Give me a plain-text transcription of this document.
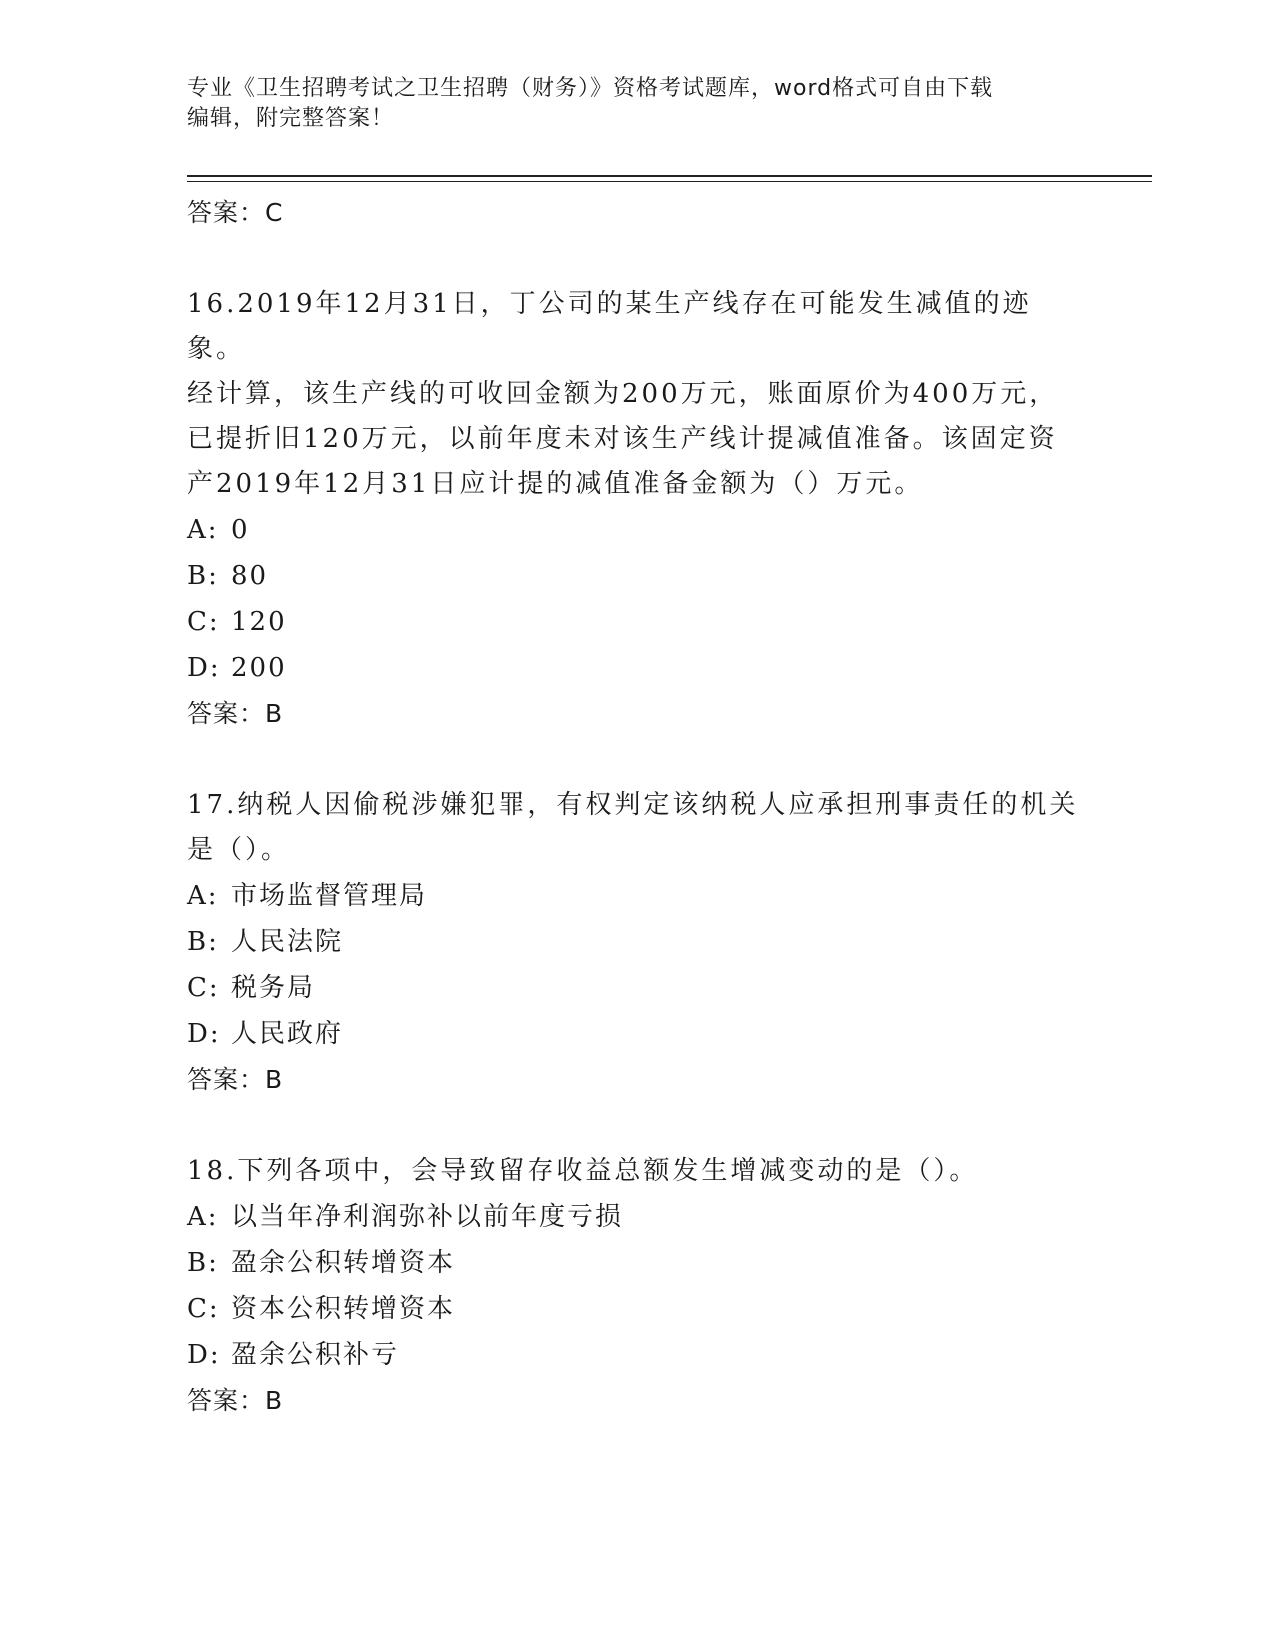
专业《卫生招聘考试之卫生招聘（财务）》资格考试题库，word格式可自由下载
编辑，附完整答案！
答案：C
16.2019年12月31日，丁公司的某生产线存在可能发生减值的迹象。
经计算，该生产线的可收回金额为200万元，账面原价为400万元，
已提折旧120万元，以前年度未对该生产线计提减值准备。该固定资
产2019年12月31日应计提的减值准备金额为（）万元。
A: 0
B: 80
C: 120
D: 200
答案：B
17.纳税人因偷税涉嫌犯罪，有权判定该纳税人应承担刑事责任的机关
是（）。
A: 市场监督管理局
B: 人民法院
C: 税务局
D: 人民政府
答案：B
18.下列各项中，会导致留存收益总额发生增减变动的是（）。
A: 以当年净利润弥补以前年度亏损
B: 盈余公积转增资本
C: 资本公积转增资本
D: 盈余公积补亏
答案：B
